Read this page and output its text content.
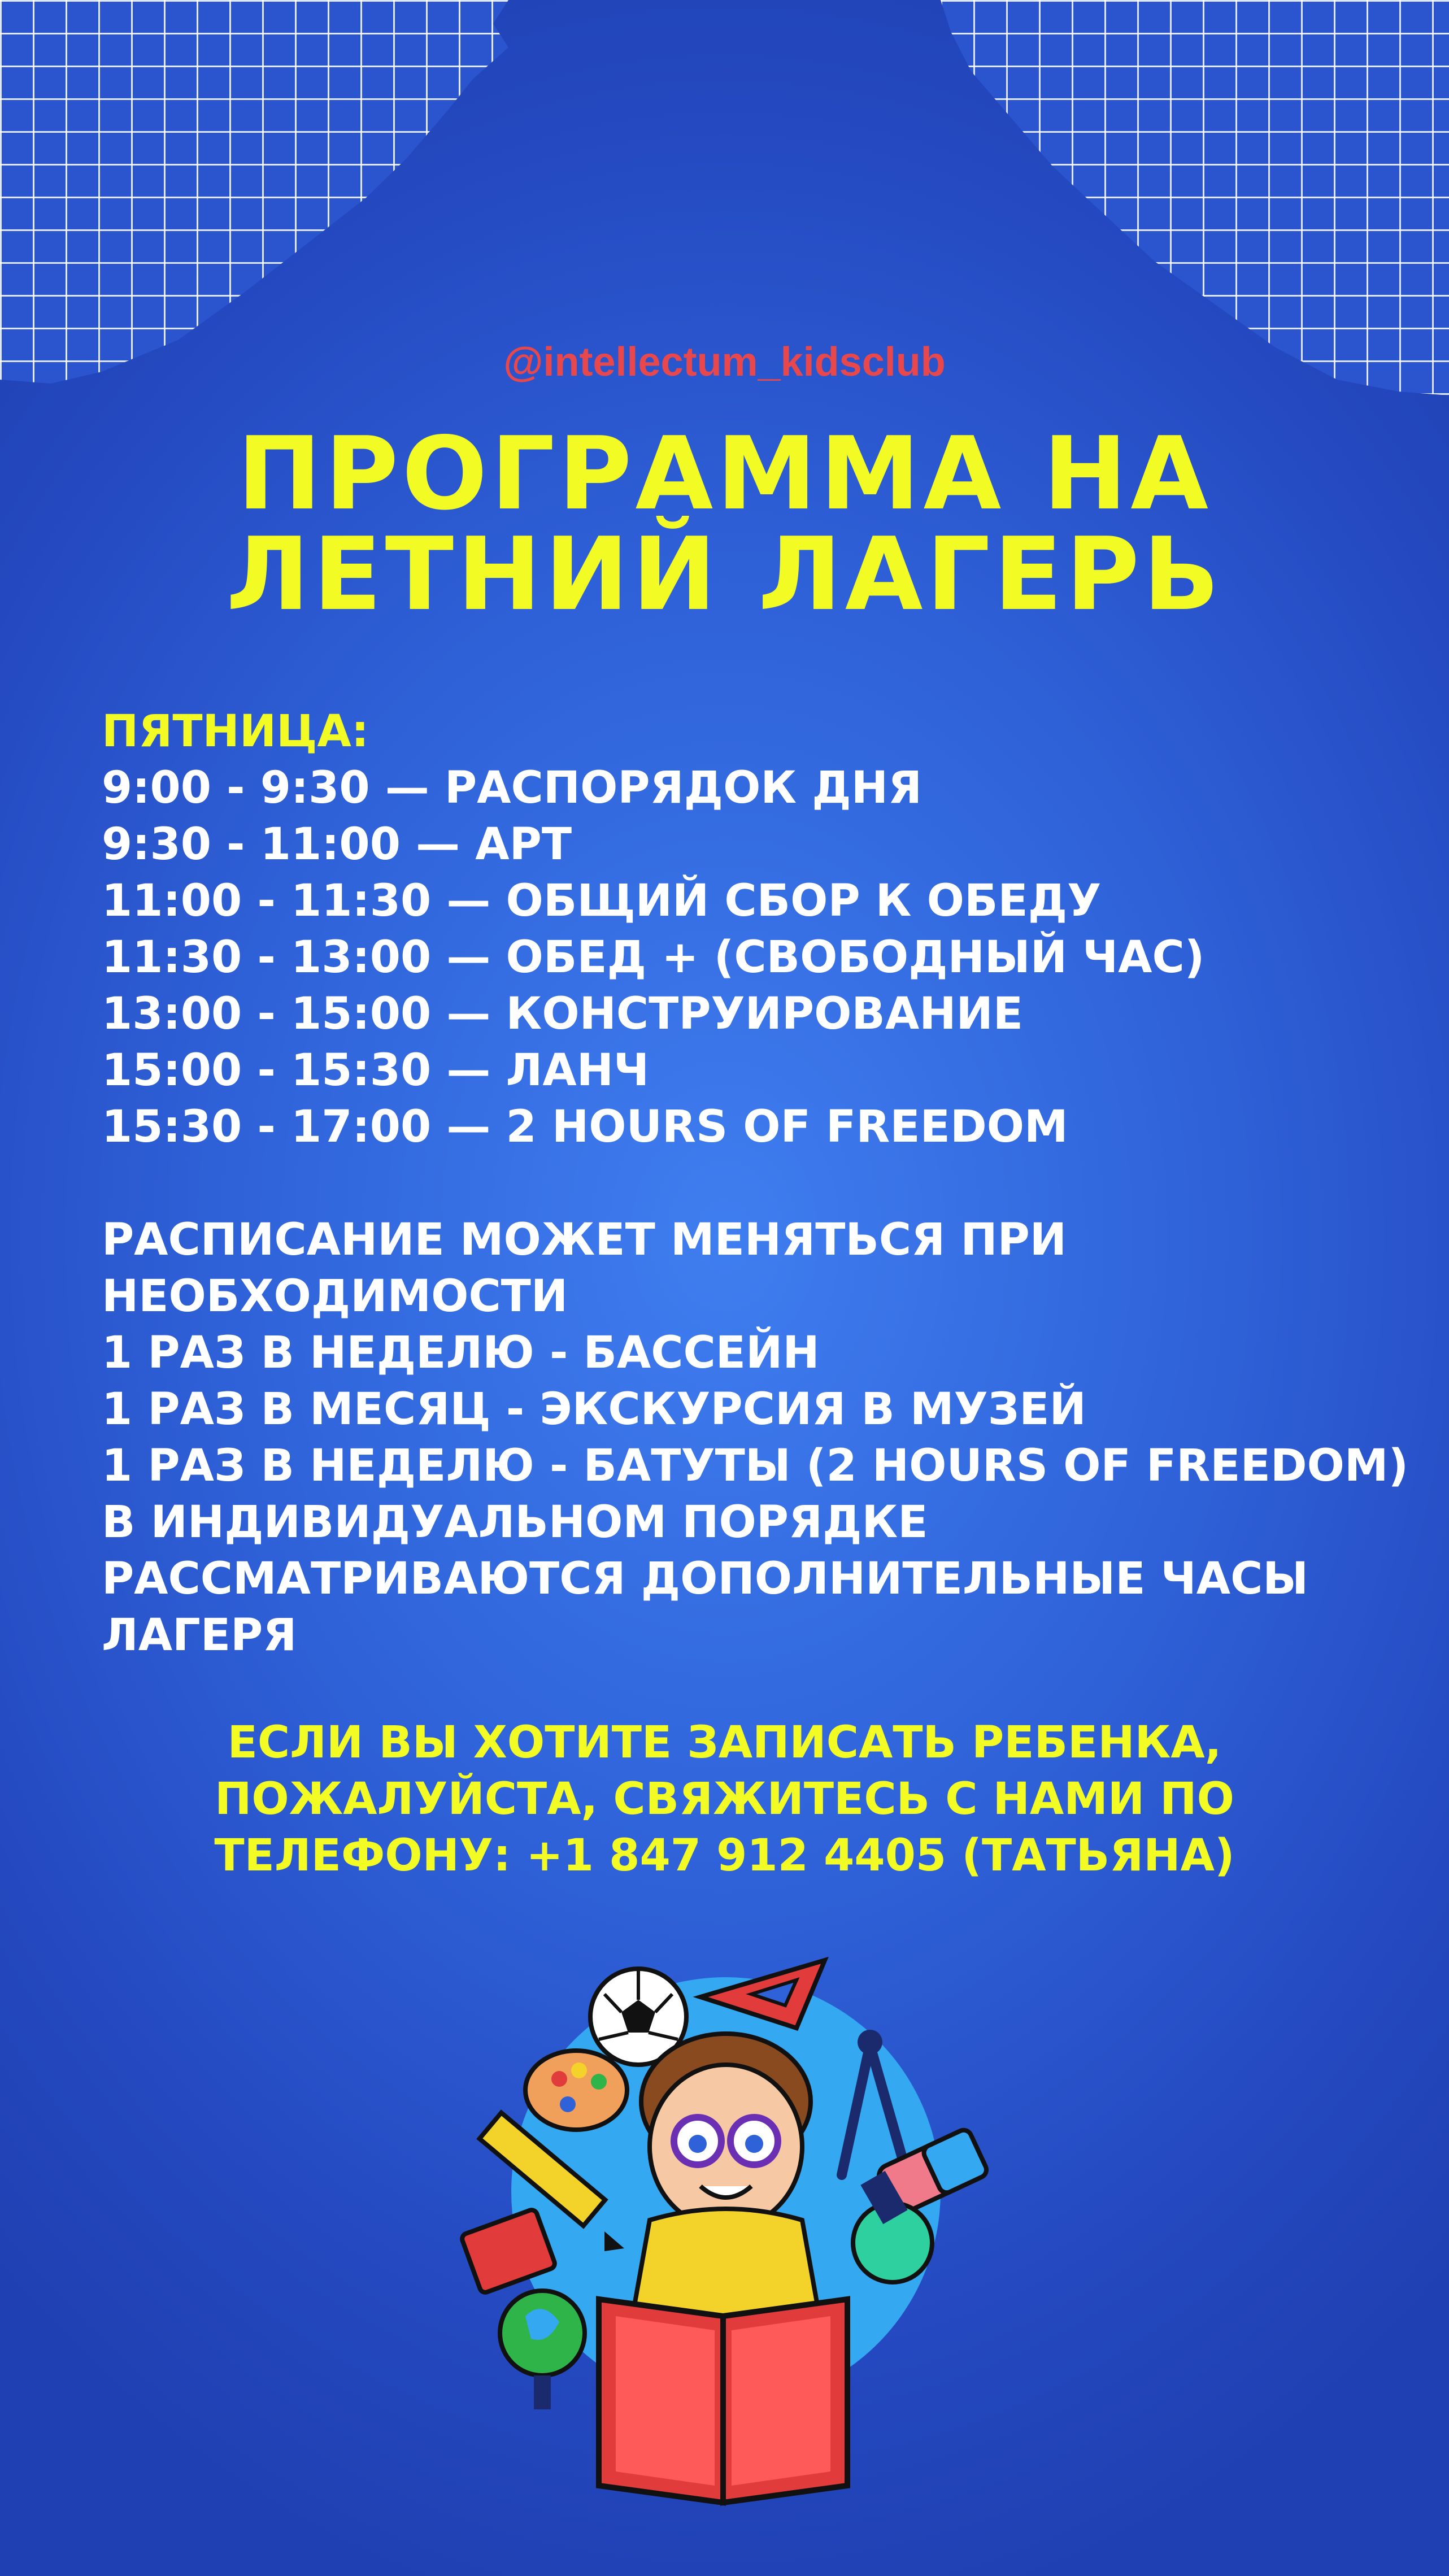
@intellectum_kidsclub
ПРОГРАММА НА
ЛЕТНИЙ ЛАГЕРЬ
ПЯТНИЦА:
9:00 - 9:30 — РАСПОРЯДОК ДНЯ
9:30 - 11:00 — АРТ
11:00 - 11:30 — ОБЩИЙ СБОР К ОБЕДУ
11:30 - 13:00 — ОБЕД + (СВОБОДНЫЙ ЧАС)
13:00 - 15:00 — КОНСТРУИРОВАНИЕ
15:00 - 15:30 — ЛАНЧ
15:30 - 17:00 — 2 HOURS OF FREEDOM
РАСПИСАНИЕ МОЖЕТ МЕНЯТЬСЯ ПРИ
НЕОБХОДИМОСТИ
1 РАЗ В НЕДЕЛЮ - БАССЕЙН
1 РАЗ В МЕСЯЦ - ЭКСКУРСИЯ В МУЗЕЙ
1 РАЗ В НЕДЕЛЮ - БАТУТЫ (2 HOURS OF FREEDOM)
В ИНДИВИДУАЛЬНОМ ПОРЯДКЕ
РАССМАТРИВАЮТСЯ ДОПОЛНИТЕЛЬНЫЕ ЧАСЫ
ЛАГЕРЯ
ЕСЛИ ВЫ ХОТИТЕ ЗАПИСАТЬ РЕБЕНКА,
ПОЖАЛУЙСТА, СВЯЖИТЕСЬ С НАМИ ПО
ТЕЛЕФОНУ: +1 847 912 4405 (ТАТЬЯНА)
